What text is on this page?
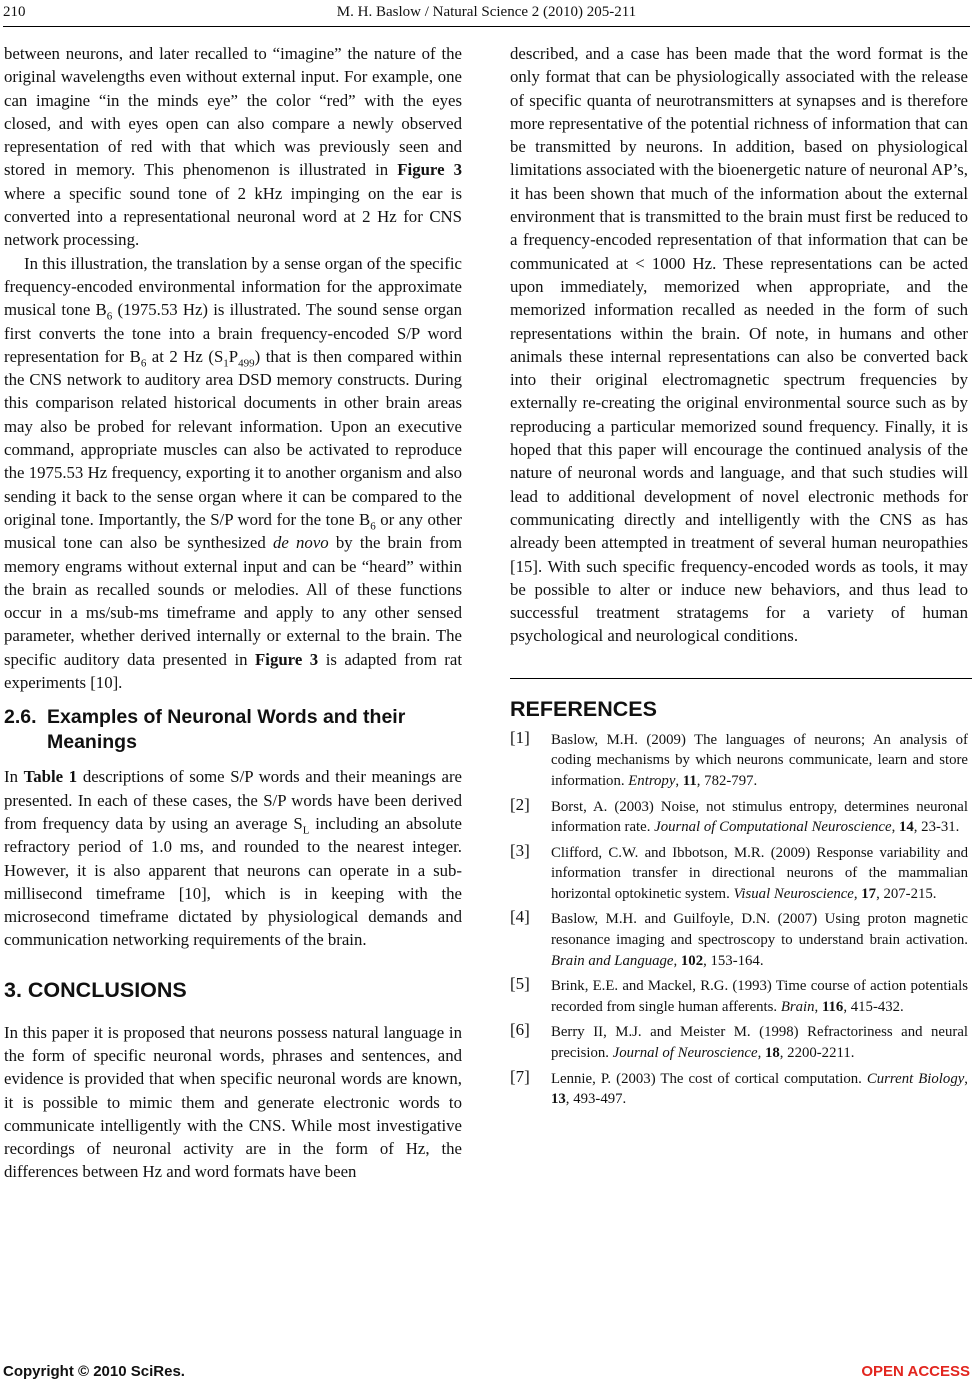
210	M. H. Baslow / Natural Science 2 (2010) 205-211

between neurons, and later recalled to “imagine” the nature of the original wavelengths even without external input. For example, one can imagine “in the minds eye” the color “red” with the eyes closed, and with eyes open can also compare a newly observed representation of red with that which was previously seen and stored in memory. This phenomenon is illustrated in Figure 3 where a specific sound tone of 2 kHz impinging on the ear is converted into a representational neuronal word at 2 Hz for CNS network processing.

In this illustration, the translation by a sense organ of the specific frequency-encoded environmental information for the approximate musical tone $B_6$ (1975.53 Hz) is illustrated. The sound sense organ first converts the tone into a brain frequency-encoded S/P word representation for $B_6$ at 2 Hz $(S_1P_{499})$ that is then compared within the CNS network to auditory area DSD memory constructs. During this comparison related historical documents in other brain areas may also be probed for relevant information. Upon an executive command, appropriate muscles can also be activated to reproduce the 1975.53 Hz frequency, exporting it to another organism and also sending it back to the sense organ where it can be compared to the original tone. Importantly, the S/P word for the tone $B_6$ or any other musical tone can also be synthesized de novo by the brain from memory engrams without external input and can be “heard” within the brain as recalled sounds or melodies. All of these functions occur in a ms/sub-ms timeframe and apply to any other sensed parameter, whether derived internally or external to the brain. The specific auditory data presented in Figure 3 is adapted from rat experiments [10].

2.6. Examples of Neuronal Words and their
Meanings

In Table 1 descriptions of some S/P words and their meanings are presented. In each of these cases, the S/P words have been derived from frequency data by using an average $S_L$ including an absolute refractory period of 1.0 ms, and rounded to the nearest integer. However, it is also apparent that neurons can operate in a sub-millisecond timeframe [10], which is in keeping with the microsecond timeframe dictated by physiological demands and communication networking requirements of the brain.

3. CONCLUSIONS

In this paper it is proposed that neurons possess natural language in the form of specific neuronal words, phrases and sentences, and evidence is provided that when specific neuronal words are known, it is possible to mimic them and generate electronic words to communicate intelligently with the CNS. While most investigative recordings of neuronal activity are in the form of Hz, the differences between Hz and word formats have been

described, and a case has been made that the word format is the only format that can be physiologically associated with the release of specific quanta of neurotransmitters at synapses and is therefore more representative of the potential richness of information that can be transmitted by neurons. In addition, based on physiological limitations associated with the bioenergetic nature of neuronal AP’s, it has been shown that much of the information about the external environment that is transmitted to the brain must first be reduced to a frequency-encoded representation of that information that can be communicated at < 1000 Hz. These representations can be acted upon immediately, memorized when appropriate, and the memorized information recalled as needed in the form of such representations within the brain. Of note, in humans and other animals these internal representations can also be converted back into their original electromagnetic spectrum frequencies by externally re-creating the original environmental source such as by reproducing a particular memorized sound frequency. Finally, it is hoped that this paper will encourage the continued analysis of the nature of neuronal words and language, and that such studies will lead to additional development of novel electronic methods for communicating directly and intelligently with the CNS as has already been attempted in treatment of several human neuropathies [15]. With such specific frequency-encoded words as tools, it may be possible to alter or induce new behaviors, and thus lead to successful treatment stratagems for a variety of human psychological and neurological conditions.

REFERENCES
[1] Baslow, M.H. (2009) The languages of neurons; An analysis of coding mechanisms by which neurons communicate, learn and store information. Entropy, 11, 782-797.
[2] Borst, A. (2003) Noise, not stimulus entropy, determines neuronal information rate. Journal of Computational Neuroscience, 14, 23-31.
[3] Clifford, C.W. and Ibbotson, M.R. (2009) Response variability and information transfer in directional neurons of the mammalian horizontal optokinetic system. Visual Neuroscience, 17, 207-215.
[4] Baslow, M.H. and Guilfoyle, D.N. (2007) Using proton magnetic resonance imaging and spectroscopy to understand brain activation. Brain and Language, 102, 153-164.
[5] Brink, E.E. and Mackel, R.G. (1993) Time course of action potentials recorded from single human afferents. Brain, 116, 415-432.
[6] Berry II, M.J. and Meister M. (1998) Refractoriness and neural precision. Journal of Neuroscience, 18, 2200-2211.
[7] Lennie, P. (2003) The cost of cortical computation. Current Biology, 13, 493-497.
Copyright © 2010 SciRes.	OPEN ACCESS
